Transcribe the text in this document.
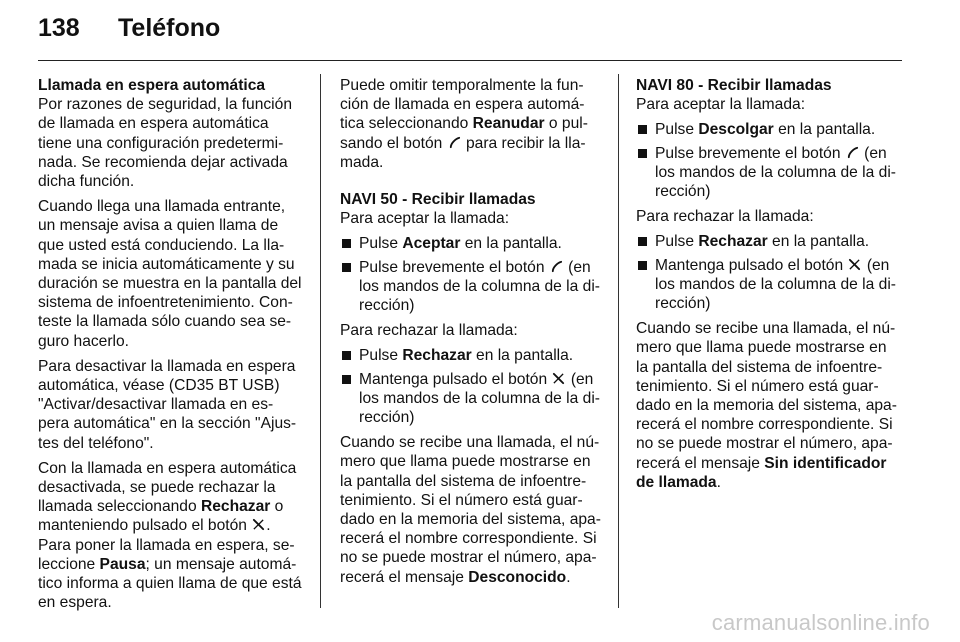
138	Teléfono
Llamada en espera automática

Por razones de seguridad, la función de llamada en espera automática tiene una configuración predetermi-nada. Se recomienda dejar activada dicha función.

Cuando llega una llamada entrante, un mensaje avisa a quien llama de que usted está conduciendo. La lla-mada se inicia automáticamente y su duración se muestra en la pantalla del sistema de infoentretenimiento. Con-teste la llamada sólo cuando sea se-guro hacerlo.

Para desactivar la llamada en espera automática, véase (CD35 BT USB) "Activar/desactivar llamada en es-pera automática" en la sección "Ajus-tes del teléfono".

Con la llamada en espera automática desactivada, se puede rechazar la llamada seleccionando Rechazar o manteniendo pulsado el botón .

Para poner la llamada en espera, se-leccione Pausa; un mensaje automá-tico informa a quien llama de que está en espera.

Puede omitir temporalmente la fun-ción de llamada en espera automá-tica seleccionando Reanudar o pul-sando el botón  para recibir la lla-mada.

NAVI 50 - Recibir llamadas
Para aceptar la llamada:
Pulse Aceptar en la pantalla.
Pulse brevemente el botón  (en los mandos de la columna de la di-rección)
Para rechazar la llamada:
Pulse Rechazar en la pantalla.
Mantenga pulsado el botón  (en los mandos de la columna de la di-rección)

Cuando se recibe una llamada, el nú-mero que llama puede mostrarse en la pantalla del sistema de infoentre-tenimiento. Si el número está guar-dado en la memoria del sistema, apa-recerá el nombre correspondiente. Si no se puede mostrar el número, apa-recerá el mensaje Desconocido.

NAVI 80 - Recibir llamadas
Para aceptar la llamada:
Pulse Descolgar en la pantalla.
Pulse brevemente el botón  (en los mandos de la columna de la di-rección)
Para rechazar la llamada:
Pulse Rechazar en la pantalla.
Mantenga pulsado el botón  (en los mandos de la columna de la di-rección)

Cuando se recibe una llamada, el nú-mero que llama puede mostrarse en la pantalla del sistema de infoentre-tenimiento. Si el número está guar-dado en la memoria del sistema, apa-recerá el nombre correspondiente. Si no se puede mostrar el número, apa-recerá el mensaje Sin identificador de llamada.

carmanualsonline.info
